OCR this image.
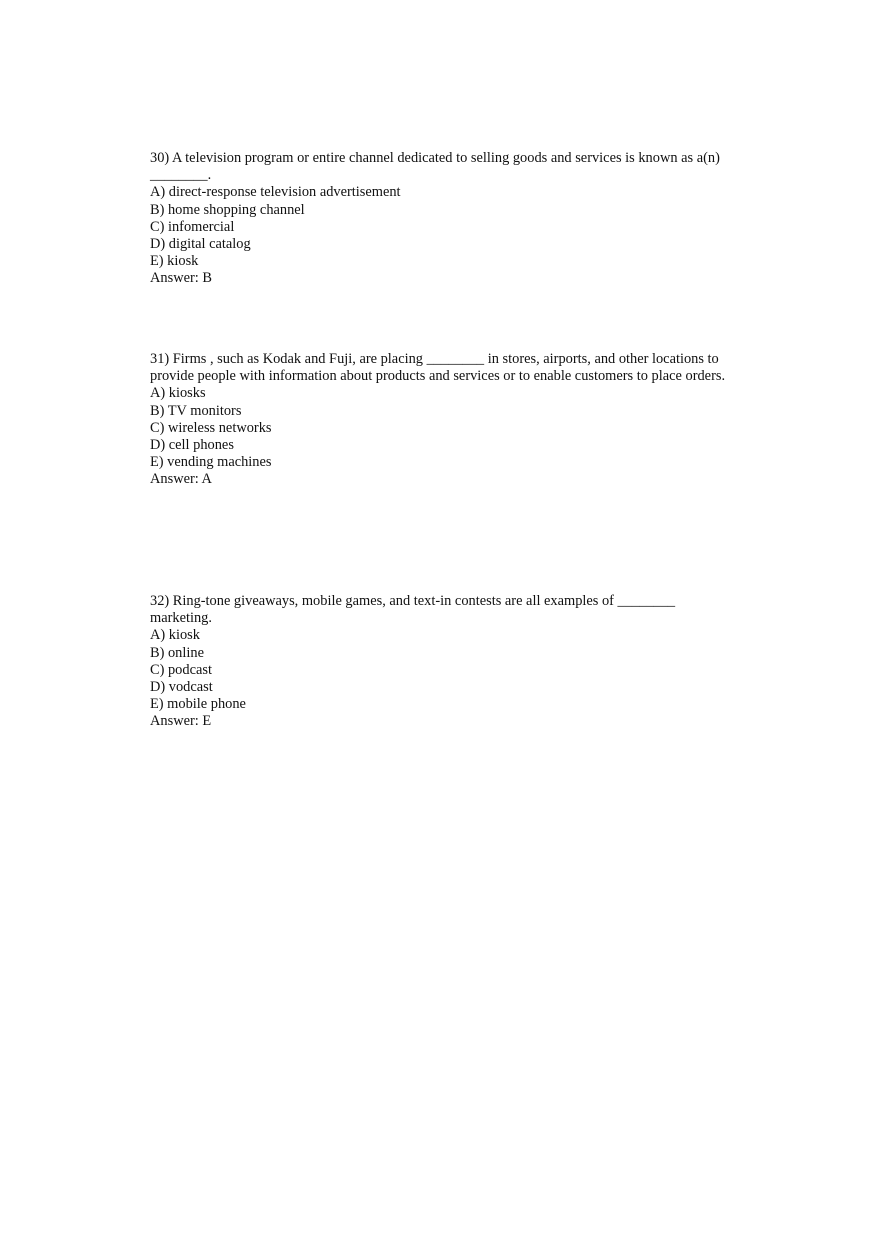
30) A television program or entire channel dedicated to selling goods and services is known as a(n) ________.

A) direct-response television advertisement
B) home shopping channel
C) infomercial
D) digital catalog
E) kiosk

Answer: B

31) Firms , such as Kodak and Fuji, are placing ________ in stores, airports, and other locations to provide people with information about products and services or to enable customers to place orders.

A) kiosks
B) TV monitors
C) wireless networks
D) cell phones
E) vending machines

Answer: A

32) Ring-tone giveaways, mobile games, and text-in contests are all examples of ________ marketing.

A) kiosk
B) online
C) podcast
D) vodcast
E) mobile phone

Answer: E
